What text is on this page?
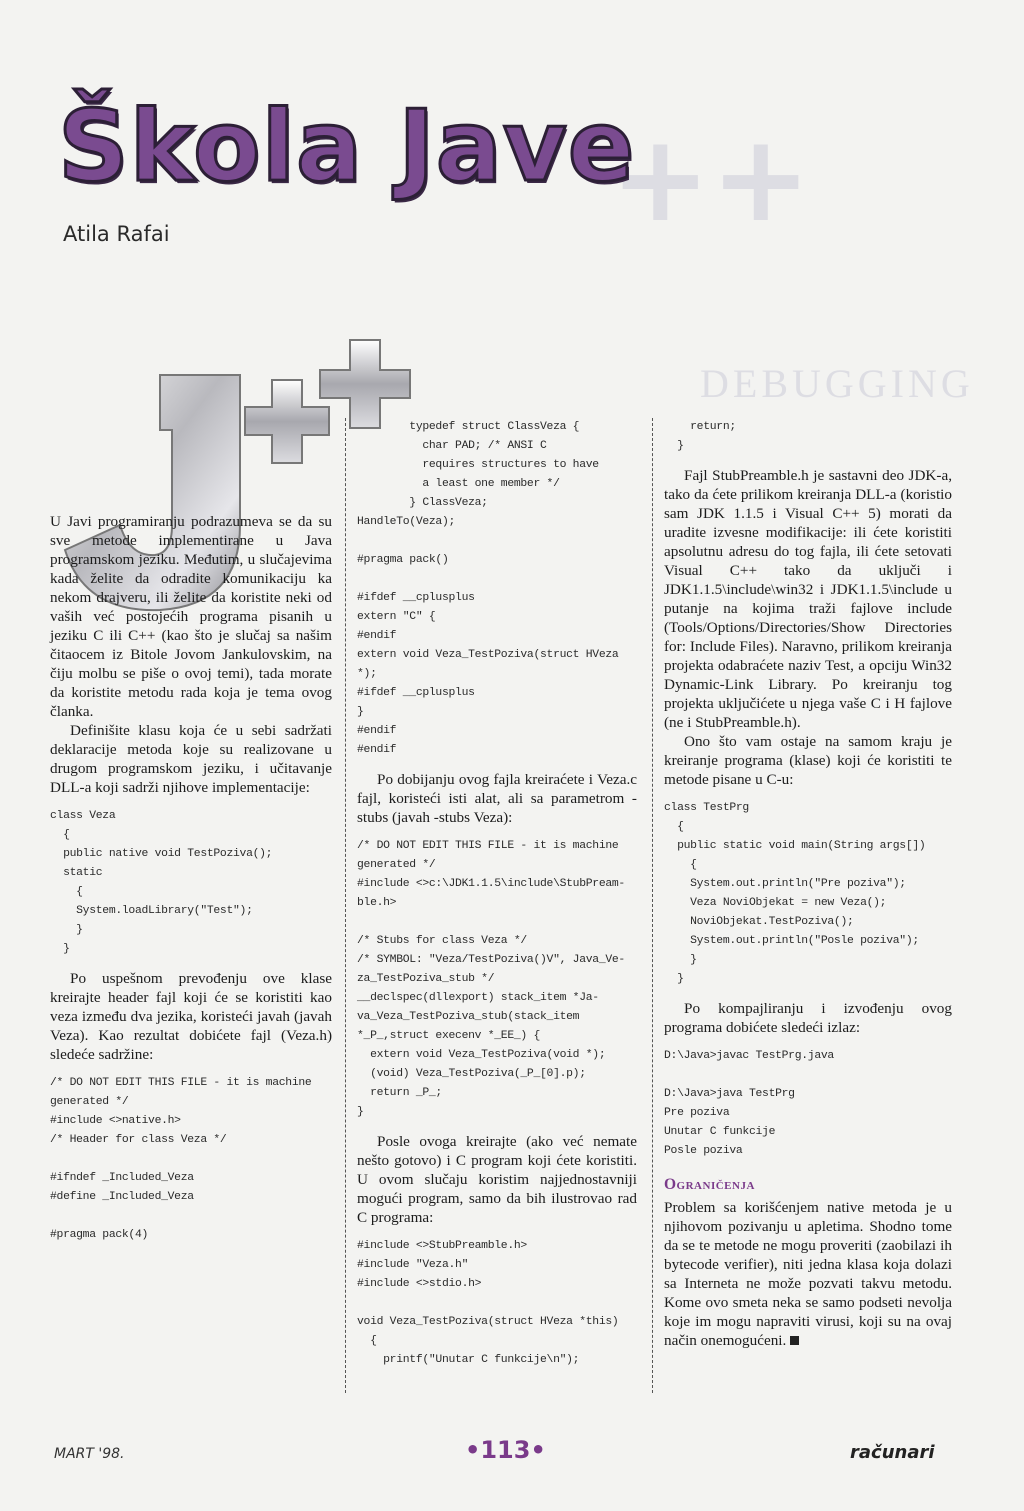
++
DEBUGGING
Škola Jave
Atila Rafai

U Javi programiranju podrazumeva se da su sve metode implementirane u Java programskom jeziku. Međutim, u slučajevima kada želite da odradite komunikaciju ka nekom drajveru, ili želite da koristite neki od vaših već postojećih programa pisanih u jeziku C ili C++ (kao što je slučaj sa našim čitaocem iz Bitole Jovom Jankulovskim, na čiju molbu se piše o ovoj temi), tada morate da koristite metodu rada koja je tema ovog članka.

Definišite klasu koja će u sebi sadržati deklaracije metoda koje su realizovane u drugom programskom jeziku, i učitavanje DLL-a koji sadrži njihove implementacije:

class Veza
{
public native void TestPoziva();
static
{
System.loadLibrary("Test");
}
}

Po uspešnom prevođenju ove klase kreirajte header fajl koji će se koristiti kao veza između dva jezika, koristeći javah (javah Veza). Kao rezultat dobićete fajl (Veza.h) sledeće sadržine:

/* DO NOT EDIT THIS FILE - it is machine
generated */
#include <>native.h>
/* Header for class Veza */

#ifndef _Included_Veza
#define _Included_Veza

#pragma pack(4)
typedef struct ClassVeza {
char PAD; /* ANSI C
requires structures to have
a least one member */
} ClassVeza;
HandleTo(Veza);

#pragma pack()

#ifdef __cplusplus
extern "C" {
#endif
extern void Veza_TestPoziva(struct HVeza
*);
#ifdef __cplusplus
}
#endif
#endif

Po dobijanju ovog fajla kreiraćete i Veza.c fajl, koristeći isti alat, ali sa parametrom -stubs (javah -stubs Veza):

/* DO NOT EDIT THIS FILE - it is machine
generated */
#include <>c:\JDK1.1.5\include\StubPream-
ble.h>

/* Stubs for class Veza */
/* SYMBOL: "Veza/TestPoziva()V", Java_Ve-
za_TestPoziva_stub */
__declspec(dllexport) stack_item *Ja-
va_Veza_TestPoziva_stub(stack_item
*_P_,struct execenv *_EE_) {
extern void Veza_TestPoziva(void *);
(void) Veza_TestPoziva(_P_[0].p);
return _P_;
}

Posle ovoga kreirajte (ako već nemate nešto gotovo) i C program koji ćete koristiti. U ovom slučaju koristim najjednostavniji mogući program, samo da bih ilustrovao rad C programa:

#include <>StubPreamble.h>
#include "Veza.h"
#include <>stdio.h>

void Veza_TestPoziva(struct HVeza *this)
{
printf("Unutar C funkcije\n");
return;
}

Fajl StubPreamble.h je sastavni deo JDK-a, tako da ćete prilikom kreiranja DLL-a (koristio sam JDK 1.1.5 i Visual C++ 5) morati da uradite izvesne modifikacije: ili ćete koristiti apsolutnu adresu do tog fajla, ili ćete setovati Visual C++ tako da uključi i JDK1.1.5\include\win32 i JDK1.1.5\include u putanje na kojima traži fajlove include (Tools/Options/Directories/Show Directories for: Include Files). Naravno, prilikom kreiranja projekta odabraćete naziv Test, a opciju Win32 Dynamic-Link Library. Po kreiranju tog projekta uključićete u njega vaše C i H fajlove (ne i StubPreamble.h).

Ono što vam ostaje na samom kraju je kreiranje programa (klase) koji će koristiti te metode pisane u C-u:

class TestPrg
{
public static void main(String args[])
{
System.out.println("Pre poziva");
Veza NoviObjekat = new Veza();
NoviObjekat.TestPoziva();
System.out.println("Posle poziva");
}
}

Po kompajliranju i izvođenju ovog programa dobićete sledeći izlaz:

D:\Java>javac TestPrg.java

D:\Java>java TestPrg
Pre poziva
Unutar C funkcije
Posle poziva
Ograničenja

Problem sa korišćenjem native metoda je u njihovom pozivanju u apletima. Shodno tome da se te metode ne mogu proveriti (zaobilazi ih bytecode verifier), niti jedna klasa koja dolazi sa Interneta ne može pozvati takvu metodu. Kome ovo smeta neka se samo podseti nevolja koje im mogu napraviti virusi, koji su na ovaj način onemogućeni.

MART '98.	•113•	računari
